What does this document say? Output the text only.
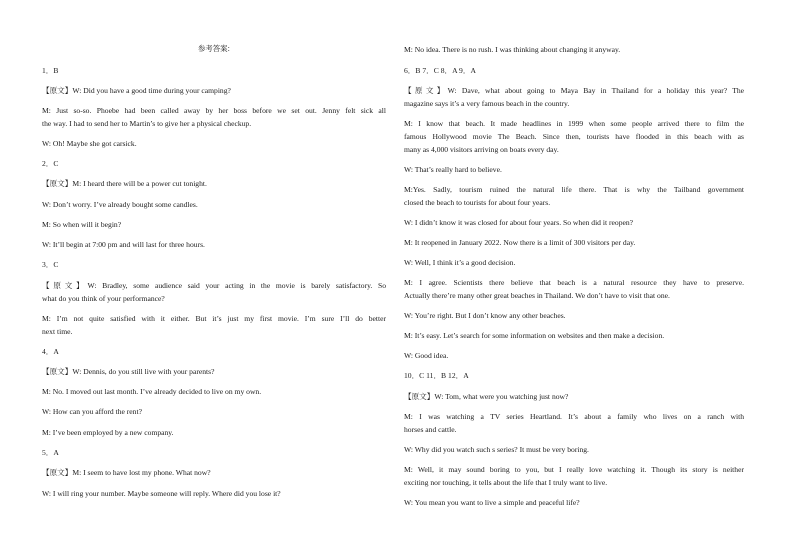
参考答案:
1．B
【原文】W: Did you have a good time during your camping?
M: Just so-so. Phoebe had been called away by her boss before we set out. Jenny felt sick all
the way. I had to send her to Martin’s to give her a physical checkup.
W: Oh! Maybe she got carsick.
2．C
【原文】M: I heard there will be a power cut tonight.
W: Don’t worry. I’ve already bought some candles.
M: So when will it begin?
W: It’ll begin at 7:00 pm and will last for three hours.
3．C
【原文】W: Bradley, some audience said your acting in the movie is barely satisfactory. So
what do you think of your performance?
M: I’m not quite satisfied with it either. But it’s just my first movie. I’m sure I’ll do better
next time.
4．A
【原文】W: Dennis, do you still live with your parents?
M: No. I moved out last month. I’ve already decided to live on my own.
W: How can you afford the rent?
M: I’ve been employed by a new company.
5．A
【原文】M: I seem to have lost my phone. What now?
W: I will ring your number. Maybe someone will reply. Where did you lose it?
M: No idea. There is no rush. I was thinking about changing it anyway.
6．B 7．C 8．A 9．A
【原文】W: Dave, what about going to Maya Bay in Thailand for a holiday this year? The
magazine says it’s a very famous beach in the country.
M: I know that beach. It made headlines in 1999 when some people arrived there to film the
famous Hollywood movie The Beach. Since then, tourists have flooded in this beach with as
many as 4,000 visitors arriving on boats every day.
W: That’s really hard to believe.
M:Yes. Sadly, tourism ruined the natural life there. That is why the Tailband government
closed the beach to tourists for about four years.
W: I didn’t know it was closed for about four years. So when did it reopen?
M: It reopened in January 2022. Now there is a limit of 300 visitors per day.
W: Well, I think it’s a good decision.
M: I agree. Scientists there believe that beach is a natural resource they have to preserve.
Actually there’re many other great beaches in Thailand. We don’t have to visit that one.
W: You’re right. But I don’t know any other beaches.
M: It’s easy. Let’s search for some information on websites and then make a decision.
W: Good idea.
10．C 11．B 12．A
【原文】W: Tom, what were you watching just now?
M: I was watching a TV series Heartland. It’s about a family who lives on a ranch with
horses and cattle.
W: Why did you watch such s series? It must be very boring.
M: Well, it may sound boring to you, but I really love watching it. Though its story is neither
exciting nor touching, it tells about the life that I truly want to live.
W: You mean you want to live a simple and peaceful life?
